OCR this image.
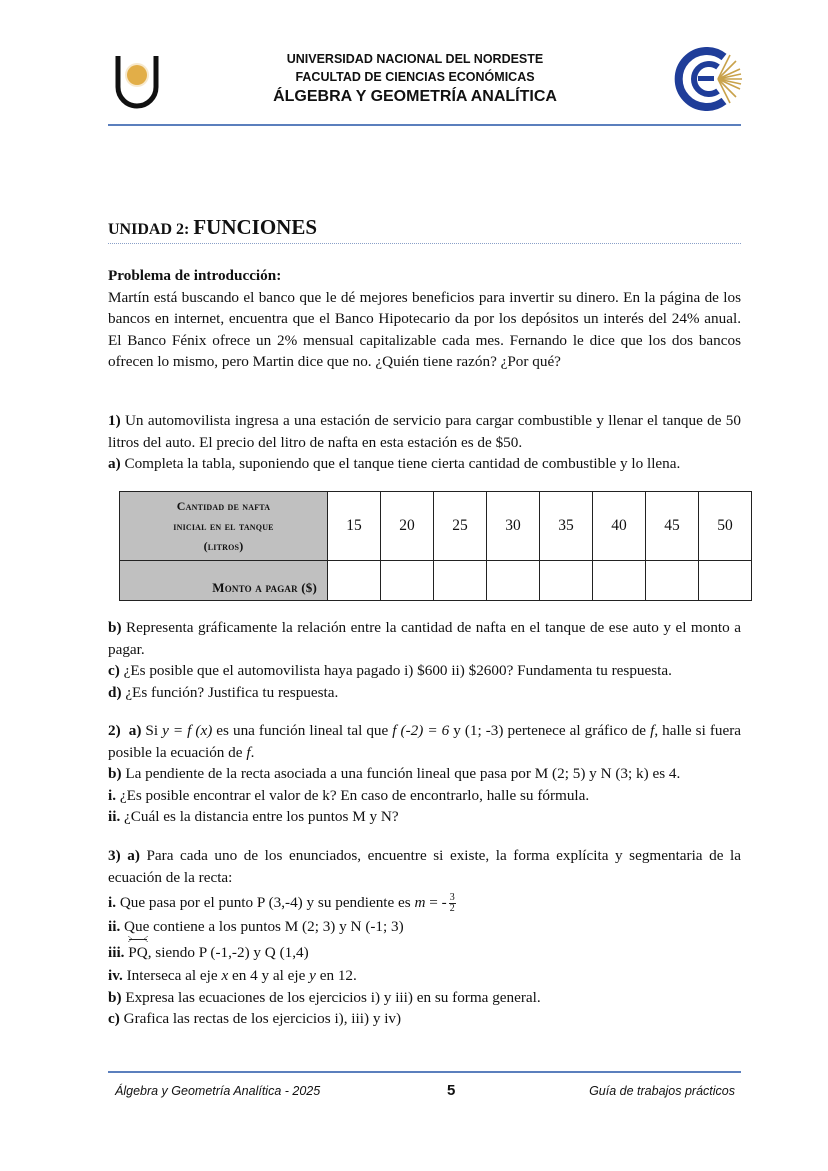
UNIVERSIDAD NACIONAL DEL NORDESTE
FACULTAD DE CIENCIAS ECONÓMICAS
ÁLGEBRA Y GEOMETRÍA ANALÍTICA
UNIDAD 2: FUNCIONES

Problema de introducción:

Martín está buscando el banco que le dé mejores beneficios para invertir su dinero. En la página de los bancos en internet, encuentra que el Banco Hipotecario da por los depósitos un interés del 24% anual. El Banco Fénix ofrece un 2% mensual capitalizable cada mes. Fernando le dice que los dos bancos ofrecen lo mismo, pero Martin dice que no. ¿Quién tiene razón? ¿Por qué?

1) Un automovilista ingresa a una estación de servicio para cargar combustible y llenar el tanque de 50 litros del auto. El precio del litro de nafta en esta estación es de $50.

a) Completa la tabla, suponiendo que el tanque tiene cierta cantidad de combustible y lo llena.

Cantidad de nafta
inicial en el tanque
(litros)	15	20	25	30	35	40	45	50
Monto a pagar ($)								

b) Representa gráficamente la relación entre la cantidad de nafta en el tanque de ese auto y el monto a pagar.

c) ¿Es posible que el automovilista haya pagado i) $600 ii) $2600? Fundamenta tu respuesta.

d) ¿Es función? Justifica tu respuesta.

2) a) Si y = f (x) es una función lineal tal que f (-2) = 6 y (1; -3) pertenece al gráfico de f, halle si fuera posible la ecuación de f.

b) La pendiente de la recta asociada a una función lineal que pasa por M (2; 5) y N (3; k) es 4.

i. ¿Es posible encontrar el valor de k? En caso de encontrarlo, halle su fórmula.

ii. ¿Cuál es la distancia entre los puntos M y N?

3) a) Para cada uno de los enunciados, encuentre si existe, la forma explícita y segmentaria de la ecuación de la recta:

i. Que pasa por el punto P (3,-4) y su pendiente es m = - $\frac{3}{2}$

ii. Que contiene a los puntos M (2; 3) y N (-1; 3)

iii. PQ, siendo P (-1,-2) y Q (1,4)

iv. Interseca al eje x en 4 y al eje y en 12.

b) Expresa las ecuaciones de los ejercicios i) y iii) en su forma general.

c) Grafica las rectas de los ejercicios i), iii) y iv)

Álgebra y Geometría Analítica - 2025	5	Guía de trabajos prácticos
